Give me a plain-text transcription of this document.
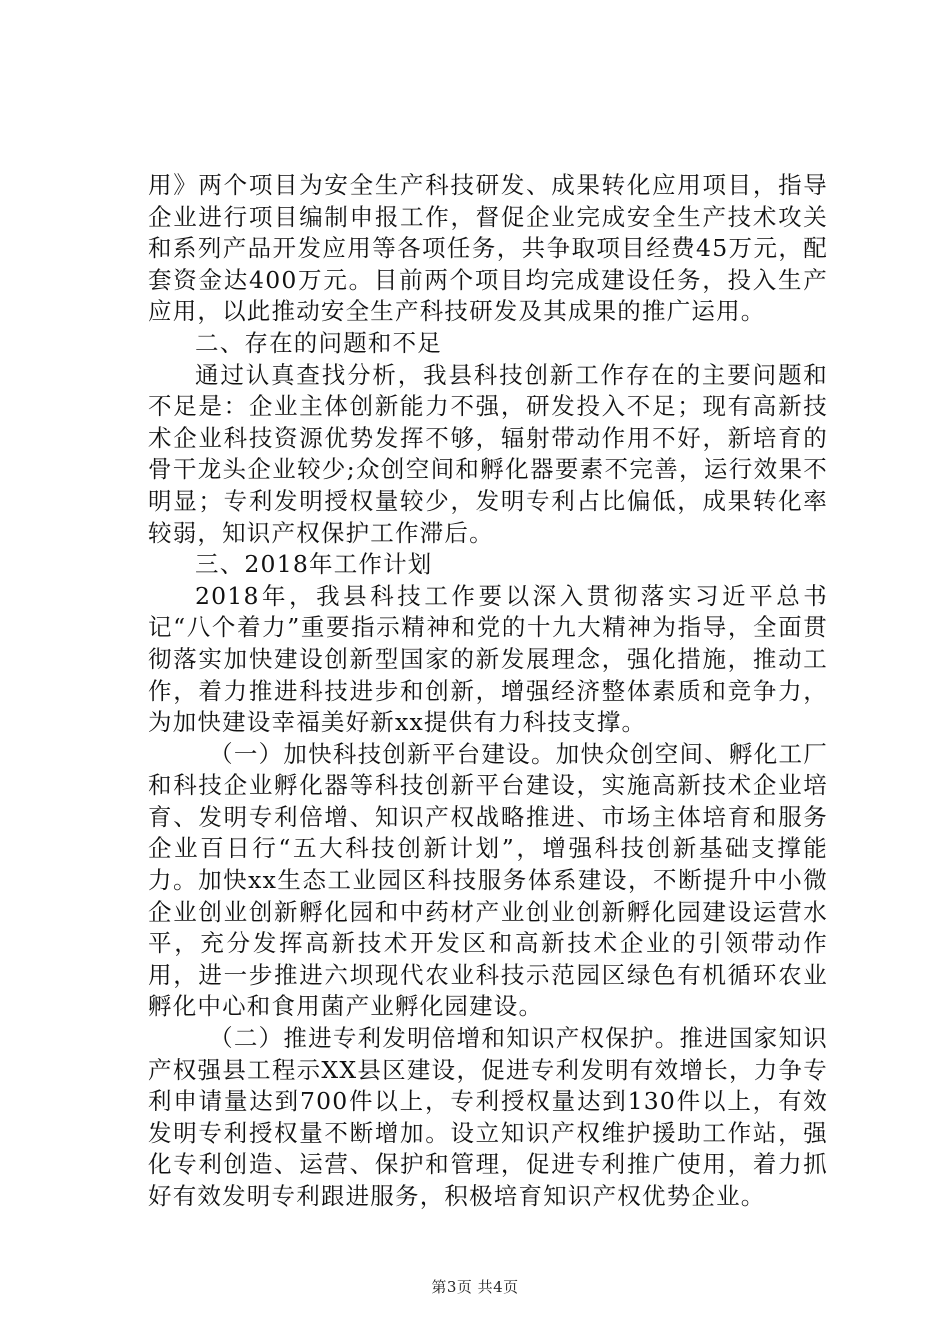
用》两个项目为安全生产科技研发、成果转化应用项目，指导企业进行项目编制申报工作，督促企业完成安全生产技术攻关和系列产品开发应用等各项任务，共争取项目经费45万元，配套资金达400万元。目前两个项目均完成建设任务，投入生产应用，以此推动安全生产科技研发及其成果的推广运用。

二、存在的问题和不足

通过认真查找分析，我县科技创新工作存在的主要问题和不足是：企业主体创新能力不强，研发投入不足；现有高新技术企业科技资源优势发挥不够，辐射带动作用不好，新培育的骨干龙头企业较少;众创空间和孵化器要素不完善，运行效果不明显；专利发明授权量较少，发明专利占比偏低，成果转化率较弱，知识产权保护工作滞后。

三、2018年工作计划

2018年，我县科技工作要以深入贯彻落实习近平总书记“八个着力”重要指示精神和党的十九大精神为指导，全面贯彻落实加快建设创新型国家的新发展理念，强化措施，推动工作，着力推进科技进步和创新，增强经济整体素质和竞争力，为加快建设幸福美好新xx提供有力科技支撑。

（一）加快科技创新平台建设。加快众创空间、孵化工厂和科技企业孵化器等科技创新平台建设，实施高新技术企业培育、发明专利倍增、知识产权战略推进、市场主体培育和服务企业百日行“五大科技创新计划”，增强科技创新基础支撑能力。加快xx生态工业园区科技服务体系建设，不断提升中小微企业创业创新孵化园和中药材产业创业创新孵化园建设运营水平，充分发挥高新技术开发区和高新技术企业的引领带动作用，进一步推进六坝现代农业科技示范园区绿色有机循环农业孵化中心和食用菌产业孵化园建设。

（二）推进专利发明倍增和知识产权保护。推进国家知识产权强县工程示XX县区建设，促进专利发明有效增长，力争专利申请量达到700件以上，专利授权量达到130件以上，有效发明专利授权量不断增加。设立知识产权维护援助工作站，强化专利创造、运营、保护和管理，促进专利推广使用，着力抓好有效发明专利跟进服务，积极培育知识产权优势企业。

第3页 共4页
